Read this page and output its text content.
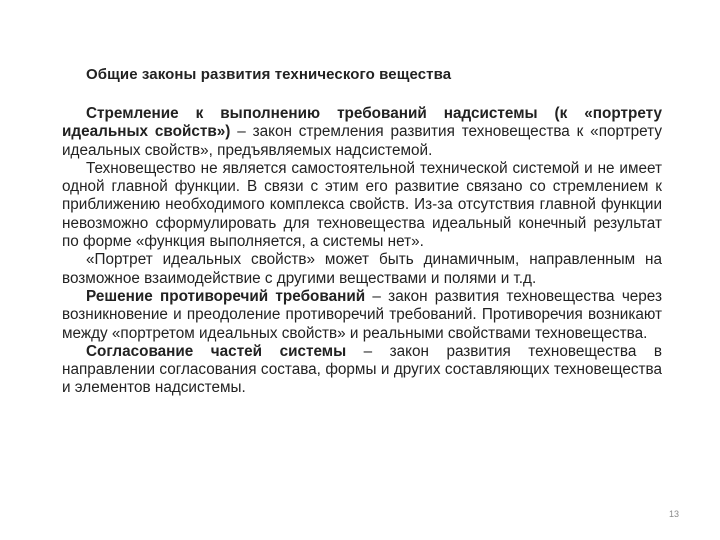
Общие законы развития технического вещества

Стремление к выполнению требований надсистемы (к «портрету идеальных свойств») – закон стремления развития техновещества к «портрету идеальных свойств», предъявляемых надсистемой.

Техновещество не является самостоятельной технической системой и не имеет одной главной функции. В связи с этим его развитие связано со стремлением к приближению необходимого комплекса свойств. Из-за отсутствия главной функции невозможно сформулировать для техновещества идеальный конечный результат по форме «функция выполняется, а системы нет».

«Портрет идеальных свойств» может быть динамичным, направленным на возможное взаимодействие с другими веществами и полями и т.д.

Решение противоречий требований – закон развития техновещества через возникновение и преодоление противоречий требований. Противоречия возникают между «портретом идеальных свойств» и реальными свойствами техновещества.

Согласование частей системы – закон развития техновещества в направлении согласования состава, формы и других составляющих техновещества и элементов надсистемы.

13
